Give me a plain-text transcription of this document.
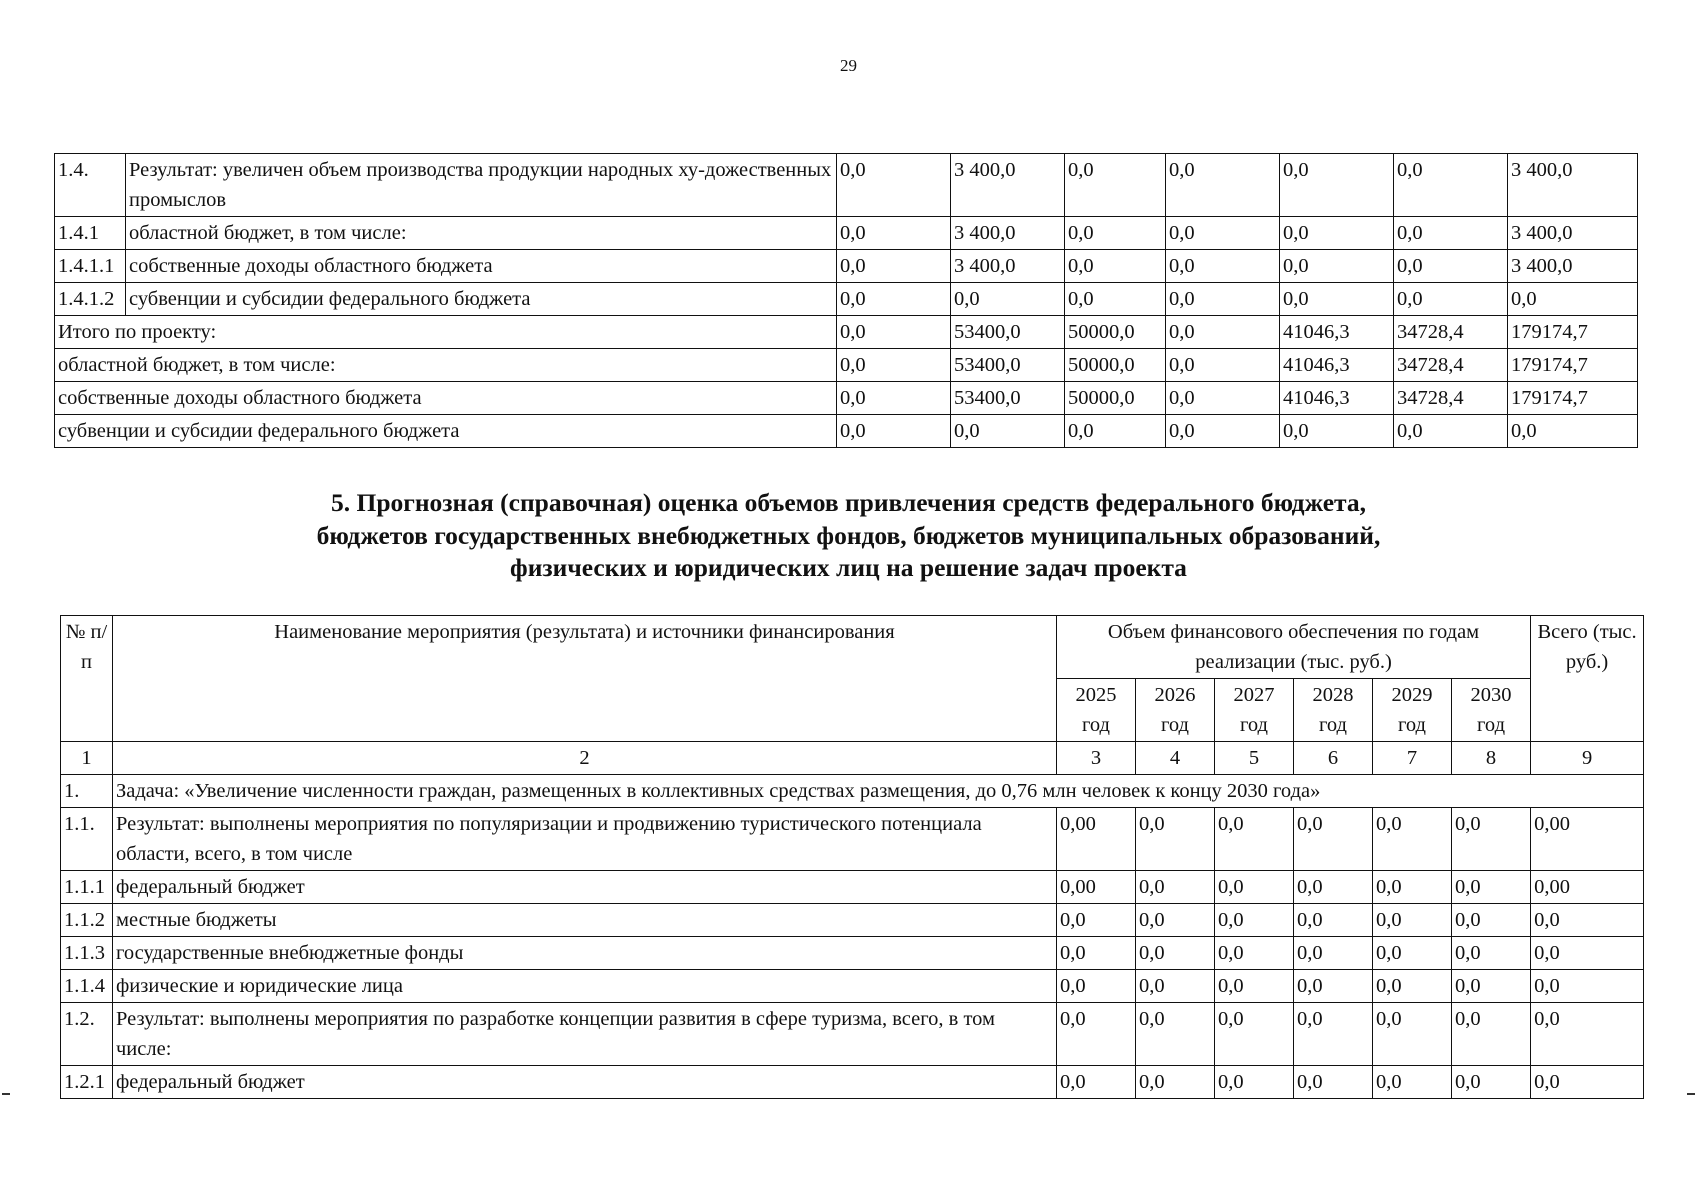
29
1.4.	Результат: увеличен объем производства продукции народных ху-дожественных промыслов	0,0	3 400,0	0,0	0,0	0,0	0,0	3 400,0
1.4.1	областной бюджет, в том числе:	0,0	3 400,0	0,0	0,0	0,0	0,0	3 400,0
1.4.1.1	собственные доходы областного бюджета	0,0	3 400,0	0,0	0,0	0,0	0,0	3 400,0
1.4.1.2	субвенции и субсидии федерального бюджета	0,0	0,0	0,0	0,0	0,0	0,0	0,0
Итого по проекту:		0,0	53400,0	50000,0	0,0	41046,3	34728,4	179174,7
областной бюджет, в том числе:		0,0	53400,0	50000,0	0,0	41046,3	34728,4	179174,7
собственные доходы областного бюджета		0,0	53400,0	50000,0	0,0	41046,3	34728,4	179174,7
субвенции и субсидии федерального бюджета		0,0	0,0	0,0	0,0	0,0	0,0	0,0
5. Прогнозная (справочная) оценка объемов привлечения средств федерального бюджета,
бюджетов государственных внебюджетных фондов, бюджетов муниципальных образований,
физических и юридических лиц на решение задач проекта
№ п/п	Наименование мероприятия (результата) и источники финансирования	Объем финансового обеспечения по годам реализации (тыс. руб.)						Всего (тыс. руб.)
		2025 год	2026 год	2027 год	2028 год	2029 год	2030 год	
1	2	3	4	5	6	7	8	9
1.	Задача: «Увеличение численности граждан, размещенных в коллективных средствах размещения, до 0,76 млн человек к концу 2030 года»							
1.1.	Результат: выполнены мероприятия по популяризации и продвижению туристического потенциала области, всего, в том числе	0,00	0,0	0,0	0,0	0,0	0,0	0,00
1.1.1	федеральный бюджет	0,00	0,0	0,0	0,0	0,0	0,0	0,00
1.1.2	местные бюджеты	0,0	0,0	0,0	0,0	0,0	0,0	0,0
1.1.3	государственные внебюджетные фонды	0,0	0,0	0,0	0,0	0,0	0,0	0,0
1.1.4	физические и юридические лица	0,0	0,0	0,0	0,0	0,0	0,0	0,0
1.2.	Результат: выполнены мероприятия по разработке концепции развития в сфере туризма, всего, в том числе:	0,0	0,0	0,0	0,0	0,0	0,0	0,0
1.2.1	федеральный бюджет	0,0	0,0	0,0	0,0	0,0	0,0	0,0
